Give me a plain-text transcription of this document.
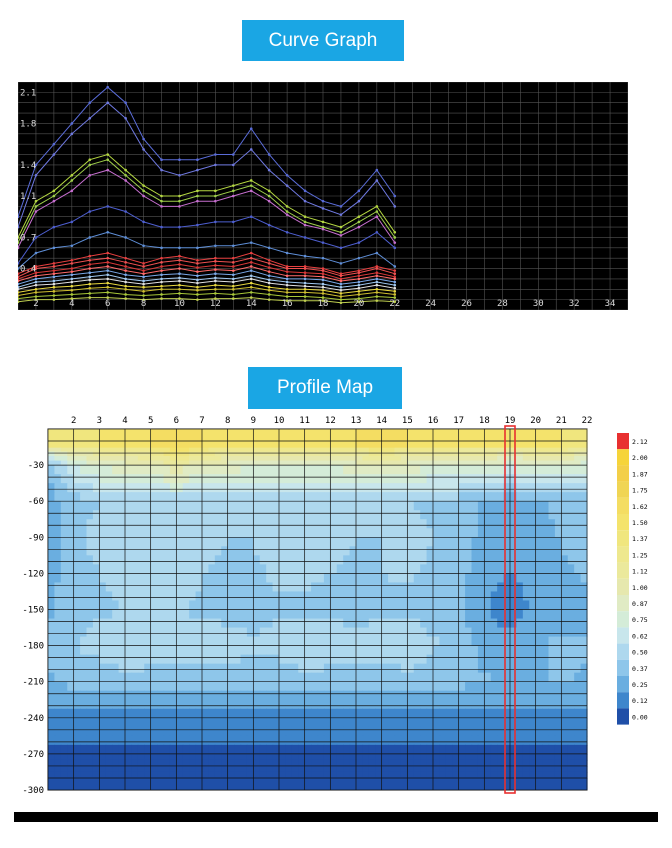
Curve Graph
0.4
0.7
1.1
1.4
1.8
2.1
2	4	6	8	10	12	14	16	18	20	22	24	26	28	30	32	34
Profile Map
2 3 4 5 6 7 8 9 10 11 12 13 14 15 16 17 18 19 20 21 22
-30
-60
-90
-120
-150
-180
-210
-240
-270
-300
2.12
2.00
1.87
1.75
1.62
1.50
1.37
1.25
1.12
1.00
0.87
0.75
0.62
0.50
0.37
0.25
0.12
0.00
